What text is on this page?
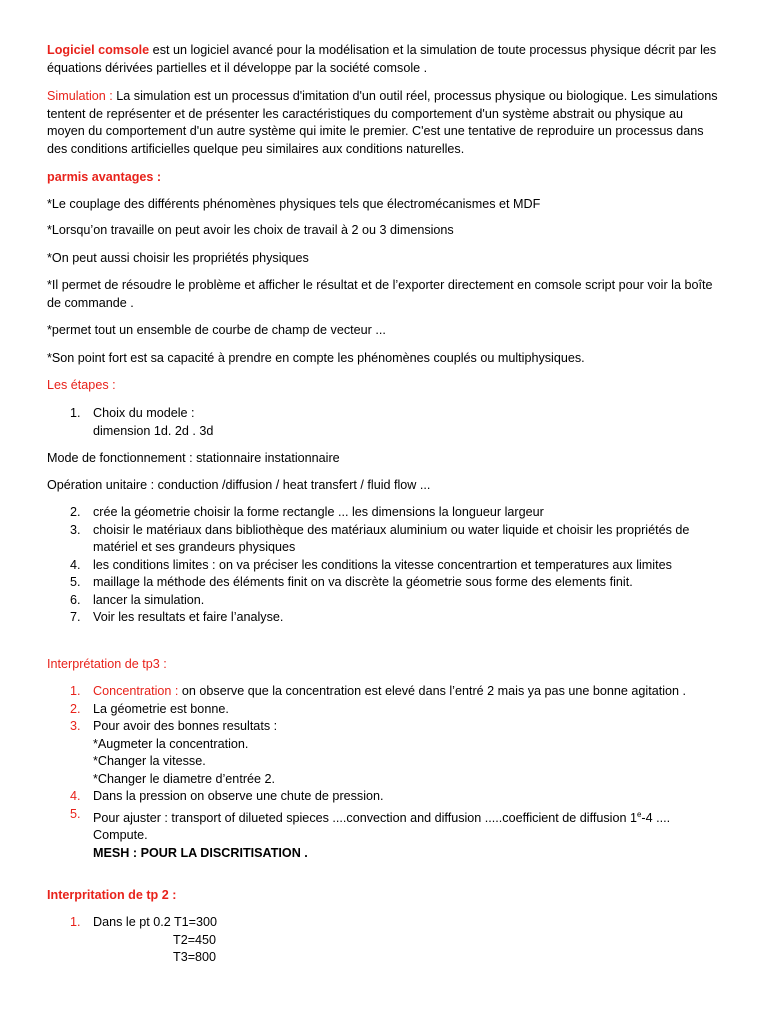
Logiciel comsole est un logiciel avancé pour la modélisation et la simulation de toute processus physique décrit par les équations dérivées partielles et il développe par la société comsole .

Simulation : La simulation est un processus d'imitation d'un outil réel, processus physique ou biologique. Les simulations tentent de représenter et de présenter les caractéristiques du comportement d'un système abstrait ou physique au moyen du comportement d'un autre système qui imite le premier. C'est une tentative de reproduire un processus dans des conditions artificielles quelque peu similaires aux conditions naturelles.

parmis avantages :

*Le couplage des différents phénomènes physiques tels que électromécanismes et MDF

*Lorsqu’on travaille on peut avoir les choix de travail à 2 ou 3 dimensions

*On peut aussi choisir les propriétés physiques

*Il permet de résoudre le problème et afficher le résultat et de l’exporter directement en comsole script pour voir la boîte de commande .

*permet tout un ensemble de courbe de champ de vecteur ...

*Son point fort est sa capacité à prendre en compte les phénomènes couplés ou multiphysiques.

Les étapes :

1. Choix du modele :
dimension 1d. 2d . 3d

Mode de fonctionnement : stationnaire instationnaire

Opération unitaire : conduction /diffusion / heat transfert / fluid flow ...

2. crée la géometrie choisir la forme rectangle ... les dimensions la longueur largeur
3. choisir le matériaux dans bibliothèque des matériaux aluminium ou water liquide et choisir les propriétés de matériel et ses grandeurs physiques
4. les conditions limites : on va préciser les conditions la vitesse concentrartion et temperatures aux limites
5. maillage la méthode des éléments finit on va discrète la géometrie sous forme des elements finit.
6. lancer la simulation.
7. Voir les resultats et faire l’analyse.

Interprétation de tp3 :

1. Concentration : on observe que la concentration est elevé dans l’entré 2 mais ya pas une bonne agitation .
2. La géometrie est bonne.
3. Pour avoir des bonnes resultats :
*Augmeter la concentration.
*Changer la vitesse.
*Changer le diametre d’entrée 2.
4. Dans la pression on observe une chute de pression.
5. Pour ajuster : transport of dilueted spieces ....convection and diffusion .....coefficient de diffusion 1e-4 ....
Compute.
MESH : POUR LA DISCRITISATION .

Interpritation de tp 2 :

1. Dans le pt 0.2 T1=300
T2=450
T3=800
